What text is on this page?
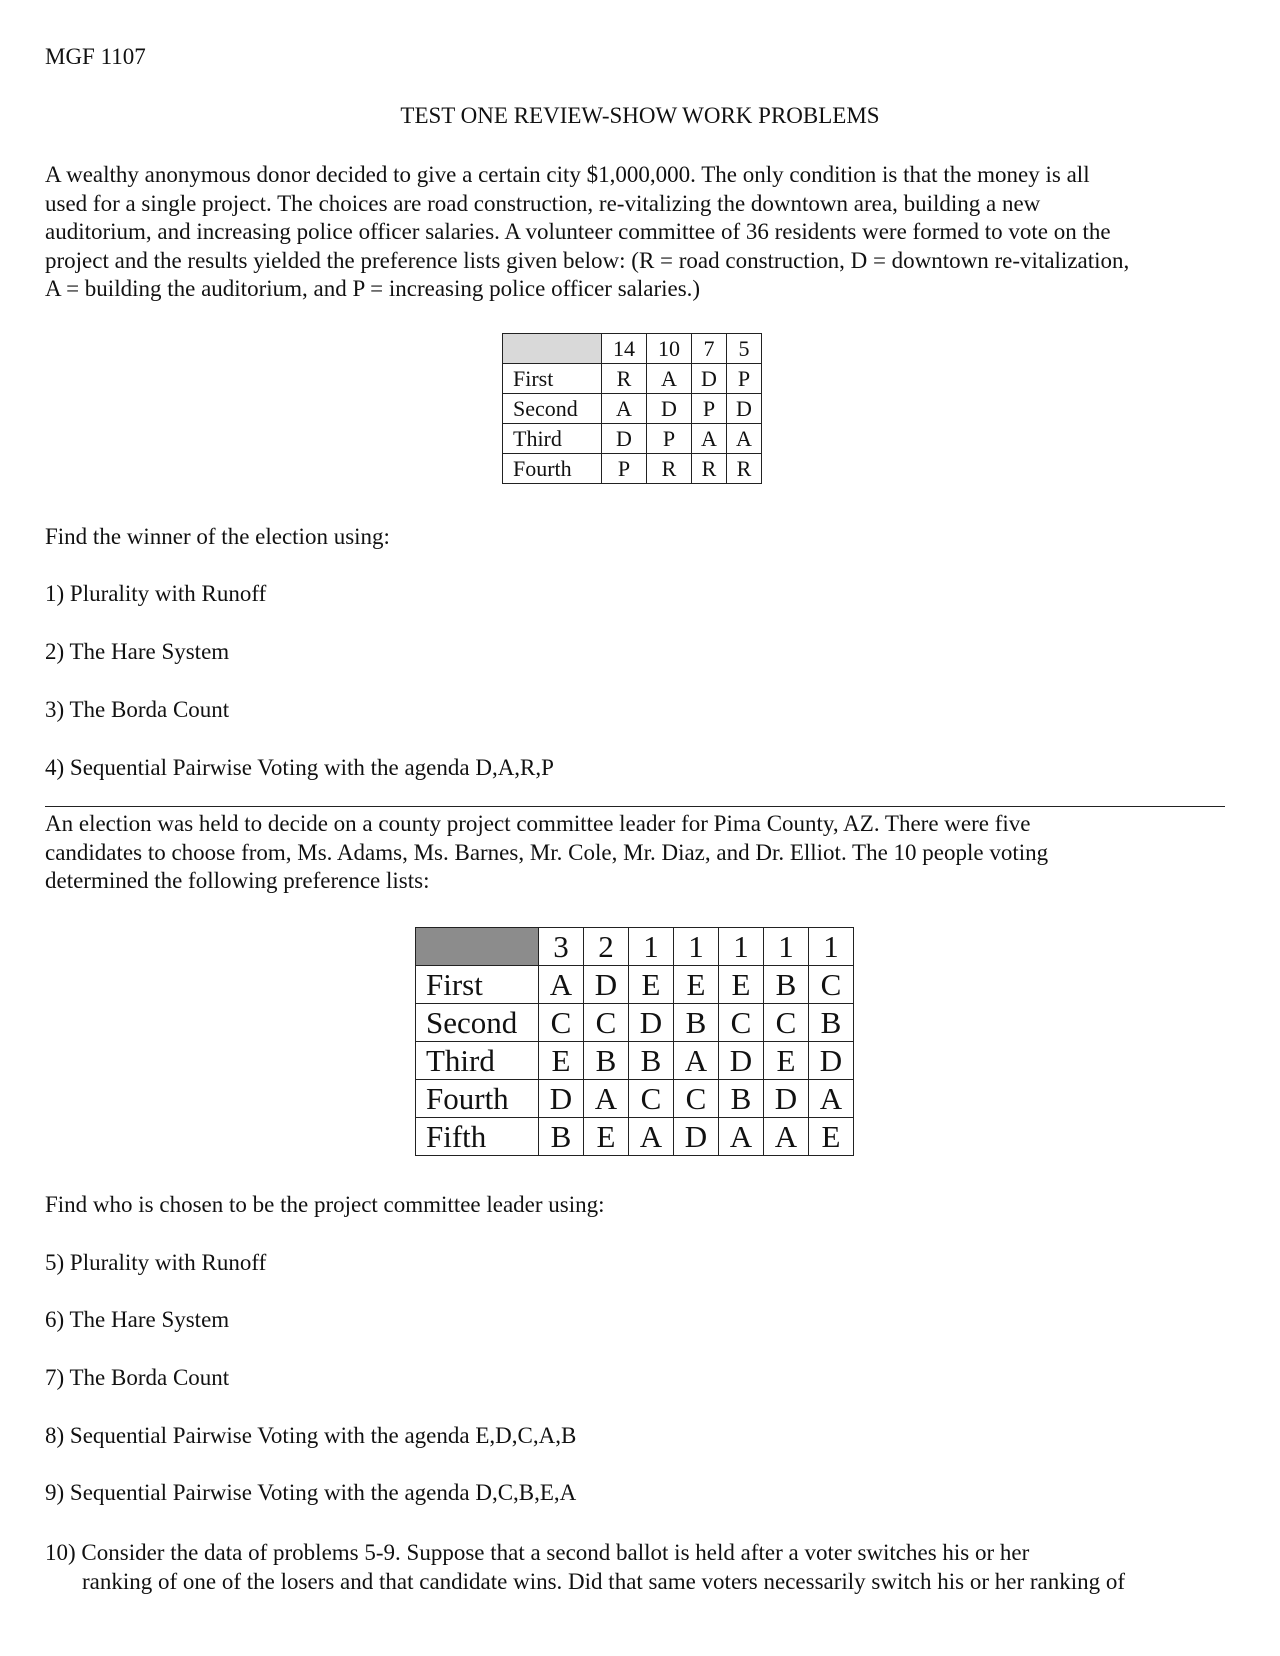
MGF 1107
TEST ONE REVIEW-SHOW WORK PROBLEMS
A wealthy anonymous donor decided to give a certain city $1,000,000. The only condition is that the money is all
used for a single project. The choices are road construction, re-vitalizing the downtown area, building a new
auditorium, and increasing police officer salaries. A volunteer committee of 36 residents were formed to vote on the
project and the results yielded the preference lists given below: (R = road construction, D = downtown re-vitalization,
A = building the auditorium, and P = increasing police officer salaries.)
	14	10	7	5
First	R	A	D	P
Second	A	D	P	D
Third	D	P	A	A
Fourth	P	R	R	R
Find the winner of the election using:
1) Plurality with Runoff
2) The Hare System
3) The Borda Count
4) Sequential Pairwise Voting with the agenda D,A,R,P
An election was held to decide on a county project committee leader for Pima County, AZ. There were five
candidates to choose from, Ms. Adams, Ms. Barnes, Mr. Cole, Mr. Diaz, and Dr. Elliot. The 10 people voting
determined the following preference lists:
	3	2	1	1	1	1	1
First	A	D	E	E	E	B	C
Second	C	C	D	B	C	C	B
Third	E	B	B	A	D	E	D
Fourth	D	A	C	C	B	D	A
Fifth	B	E	A	D	A	A	E
Find who is chosen to be the project committee leader using:
5) Plurality with Runoff
6) The Hare System
7) The Borda Count
8) Sequential Pairwise Voting with the agenda E,D,C,A,B
9) Sequential Pairwise Voting with the agenda D,C,B,E,A
10) Consider the data of problems 5-9. Suppose that a second ballot is held after a voter switches his or her
ranking of one of the losers and that candidate wins. Did that same voters necessarily switch his or her ranking of
